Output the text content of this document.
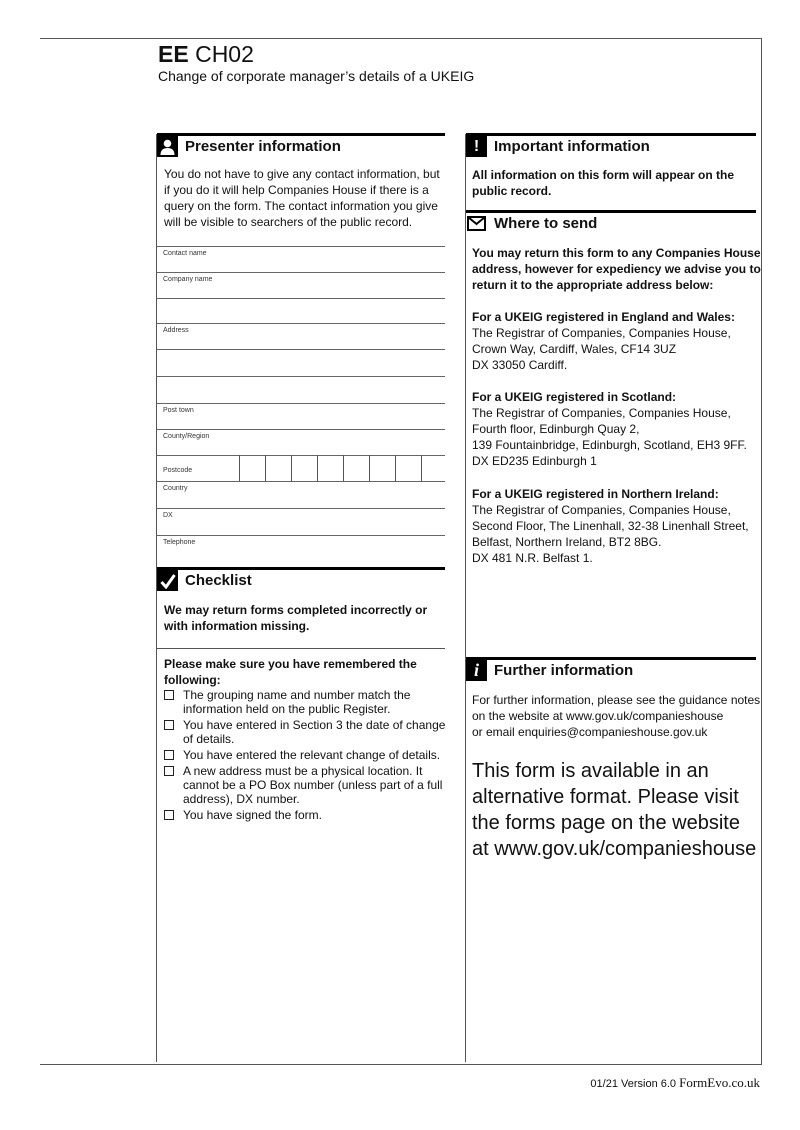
EE CH02
Change of corporate manager’s details of a UKEIG
Presenter information
You do not have to give any contact information, but if you do it will help Companies House if there is a query on the form. The contact information you give will be visible to searchers of the public record.
Contact name
Company name
Address
Post town
County/Region
Postcode
Country
DX
Telephone
Checklist
We may return forms completed incorrectly or with information missing.
Please make sure you have remembered the following:
The grouping name and number match the information held on the public Register.
You have entered in Section 3 the date of change of details.
You have entered the relevant change of details.
A new address must be a physical location. It cannot be a PO Box number (unless part of a full address), DX number.
You have signed the form.
! Important information
All information on this form will appear on the public record.
Where to send
You may return this form to any Companies House address, however for expediency we advise you to return it to the appropriate address below:
For a UKEIG registered in England and Wales:
The Registrar of Companies, Companies House,
Crown Way, Cardiff, Wales, CF14 3UZ
DX 33050 Cardiff.
For a UKEIG registered in Scotland:
The Registrar of Companies, Companies House,
Fourth floor, Edinburgh Quay 2,
139 Fountainbridge, Edinburgh, Scotland, EH3 9FF.
DX ED235 Edinburgh 1
For a UKEIG registered in Northern Ireland:
The Registrar of Companies, Companies House,
Second Floor, The Linenhall, 32-38 Linenhall Street,
Belfast, Northern Ireland, BT2 8BG.
DX 481 N.R. Belfast 1.
i	Further information
For further information, please see the guidance notes
on the website at www.gov.uk/companieshouse
or email enquiries@companieshouse.gov.uk
This form is available in an alternative format. Please visit the forms page on the website at www.gov.uk/companieshouse
01/21 Version 6.0 FormEvo.co.uk
